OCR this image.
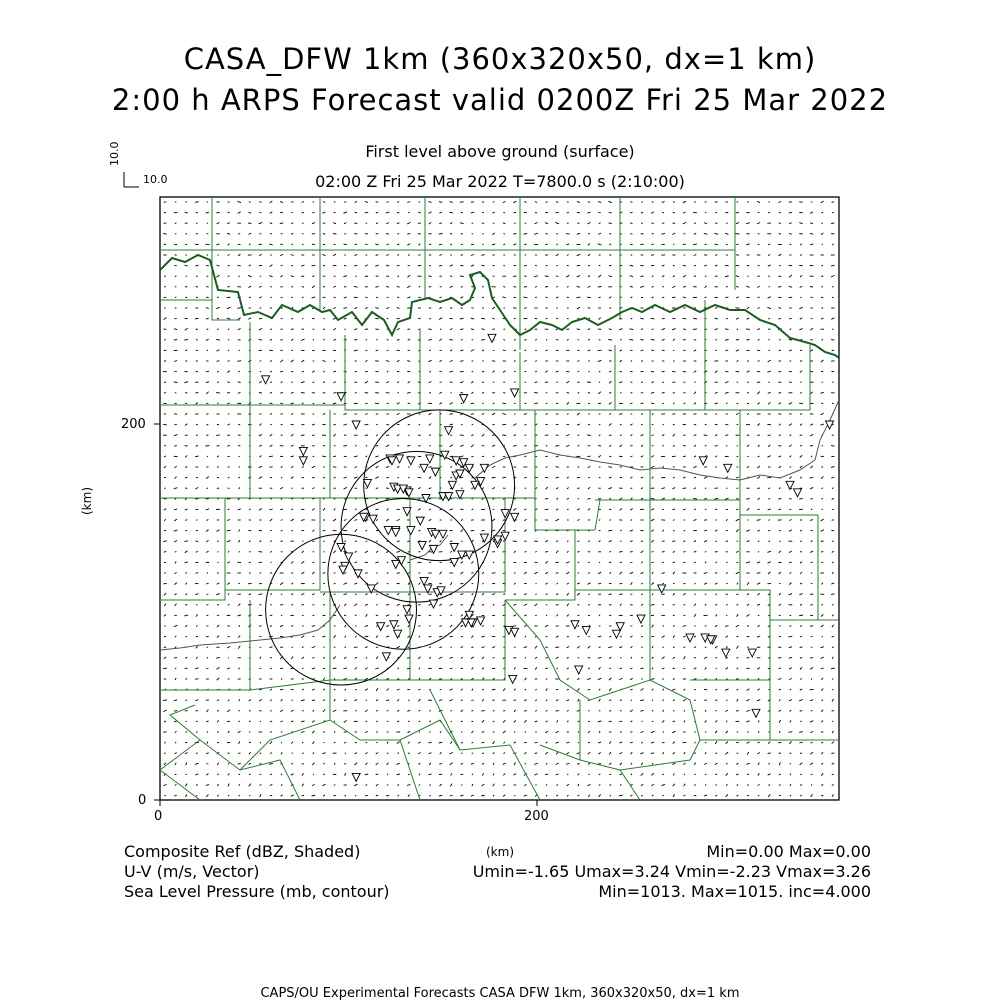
CASA_DFW 1km (360x320x50, dx=1 km)
2:00 h ARPS Forecast valid 0200Z Fri 25 Mar 2022
First level above ground (surface)
02:00 Z Fri 25 Mar 2022 T=7800.0 s (2:10:00)
10.0
10.0
0
200
0	200
(km)
(km)
Composite Ref (dBZ, Shaded)
U-V (m/s, Vector)
Sea Level Pressure (mb, contour)
Min=0.00 Max=0.00
Umin=-1.65 Umax=3.24 Vmin=-2.23 Vmax=3.26
Min=1013. Max=1015. inc=4.000
CAPS/OU Experimental Forecasts CASA DFW 1km, 360x320x50, dx=1 km
